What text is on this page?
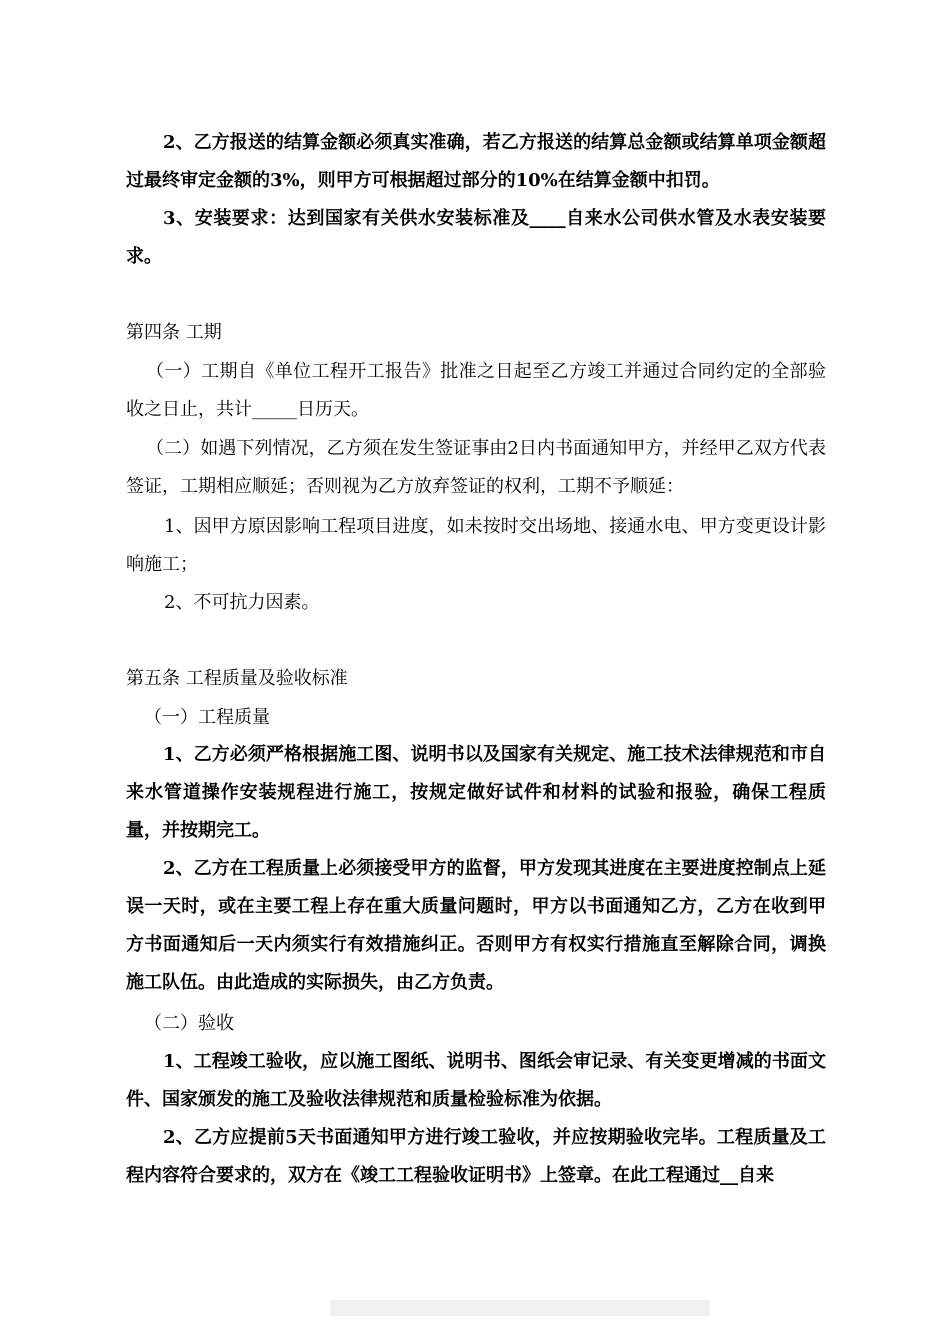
2、乙方报送的结算金额必须真实准确，若乙方报送的结算总金额或结算单项金额超过最终审定金额的3%，则甲方可根据超过部分的10%在结算金额中扣罚。

3、安装要求：达到国家有关供水安装标准及____自来水公司供水管及水表安装要求。

第四条 工期

（一）工期自《单位工程开工报告》批准之日起至乙方竣工并通过合同约定的全部验收之日止，共计_____日历天。

（二）如遇下列情况，乙方须在发生签证事由2日内书面通知甲方，并经甲乙双方代表签证，工期相应顺延；否则视为乙方放弃签证的权利，工期不予顺延：

1、因甲方原因影响工程项目进度，如未按时交出场地、接通水电、甲方变更设计影响施工；

2、不可抗力因素。

第五条 工程质量及验收标准

（一）工程质量

1、乙方必须严格根据施工图、说明书以及国家有关规定、施工技术法律规范和市自来水管道操作安装规程进行施工，按规定做好试件和材料的试验和报验，确保工程质量，并按期完工。

2、乙方在工程质量上必须接受甲方的监督，甲方发现其进度在主要进度控制点上延误一天时，或在主要工程上存在重大质量问题时，甲方以书面通知乙方，乙方在收到甲方书面通知后一天内须实行有效措施纠正。否则甲方有权实行措施直至解除合同，调换施工队伍。由此造成的实际损失，由乙方负责。

（二）验收

1、工程竣工验收，应以施工图纸、说明书、图纸会审记录、有关变更增减的书面文件、国家颁发的施工及验收法律规范和质量检验标准为依据。

2、乙方应提前5天书面通知甲方进行竣工验收，并应按期验收完毕。工程质量及工程内容符合要求的，双方在《竣工工程验收证明书》上签章。在此工程通过__自来
